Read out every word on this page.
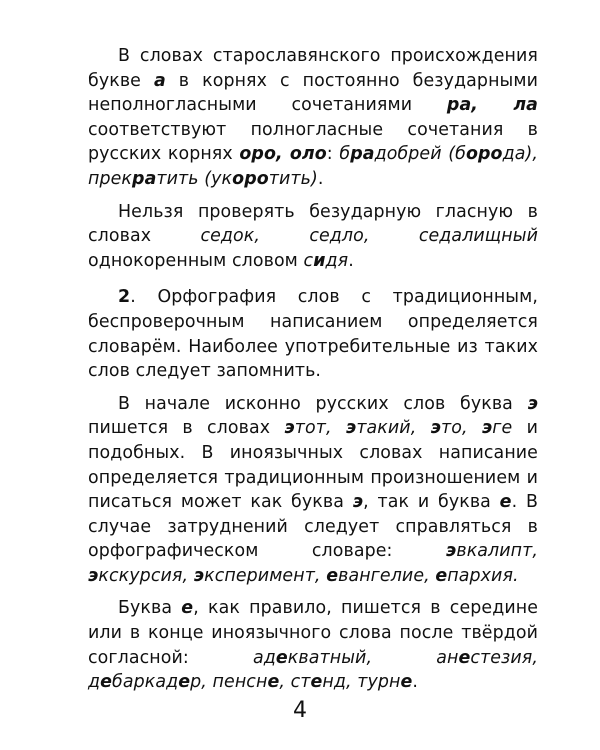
В словах старославянского происхождения букве а в корнях с постоянно безударными неполногласными сочетаниями ра, ла соответствуют полногласные сочетания в русских корнях оро, оло: брадобрей (борода), прекратить (укоротить).

Нельзя проверять безударную гласную в словах седок, седло, седалищный однокоренным словом сидя.

2. Орфография слов с традиционным, беспроверочным написанием определяется словарём. Наиболее употребительные из таких слов следует запомнить.

В начале исконно русских слов буква э пишется в словах этот, этакий, это, эге и подобных. В иноязычных словах написание определяется традиционным произношением и писаться может как буква э, так и буква е. В случае затруднений следует справляться в орфографическом словаре: эвкалипт, экскурсия, эксперимент, евангелие, епархия.

Буква е, как правило, пишется в середине или в конце иноязычного слова после твёрдой согласной: адекватный, анестезия, дебаркадер, пенсне, стенд, турне.

4
